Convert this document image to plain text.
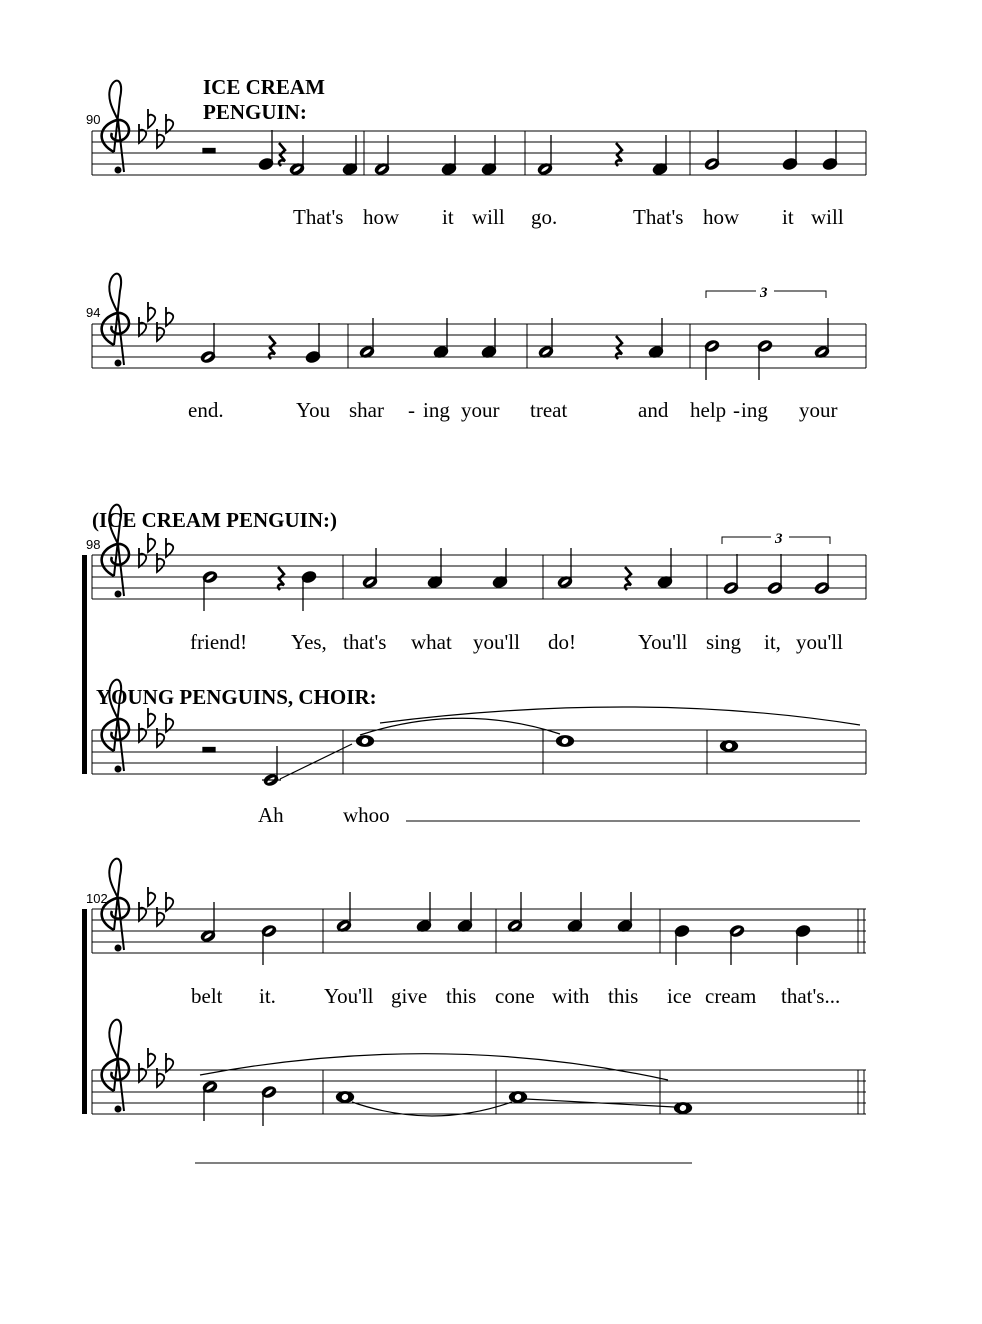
ICE CREAM
PENGUIN:
90
That's how it will go.	That's how it will
94
3
end.	You shar - ing your treat	and help - ing your
(ICE CREAM PENGUIN:)
98	3
friend! Yes, that's what you'll do!	You'll sing it, you'll
YOUNG PENGUINS, CHOIR:
Ah	whoo
102
belt it. You'll give this cone with this ice cream that's...
